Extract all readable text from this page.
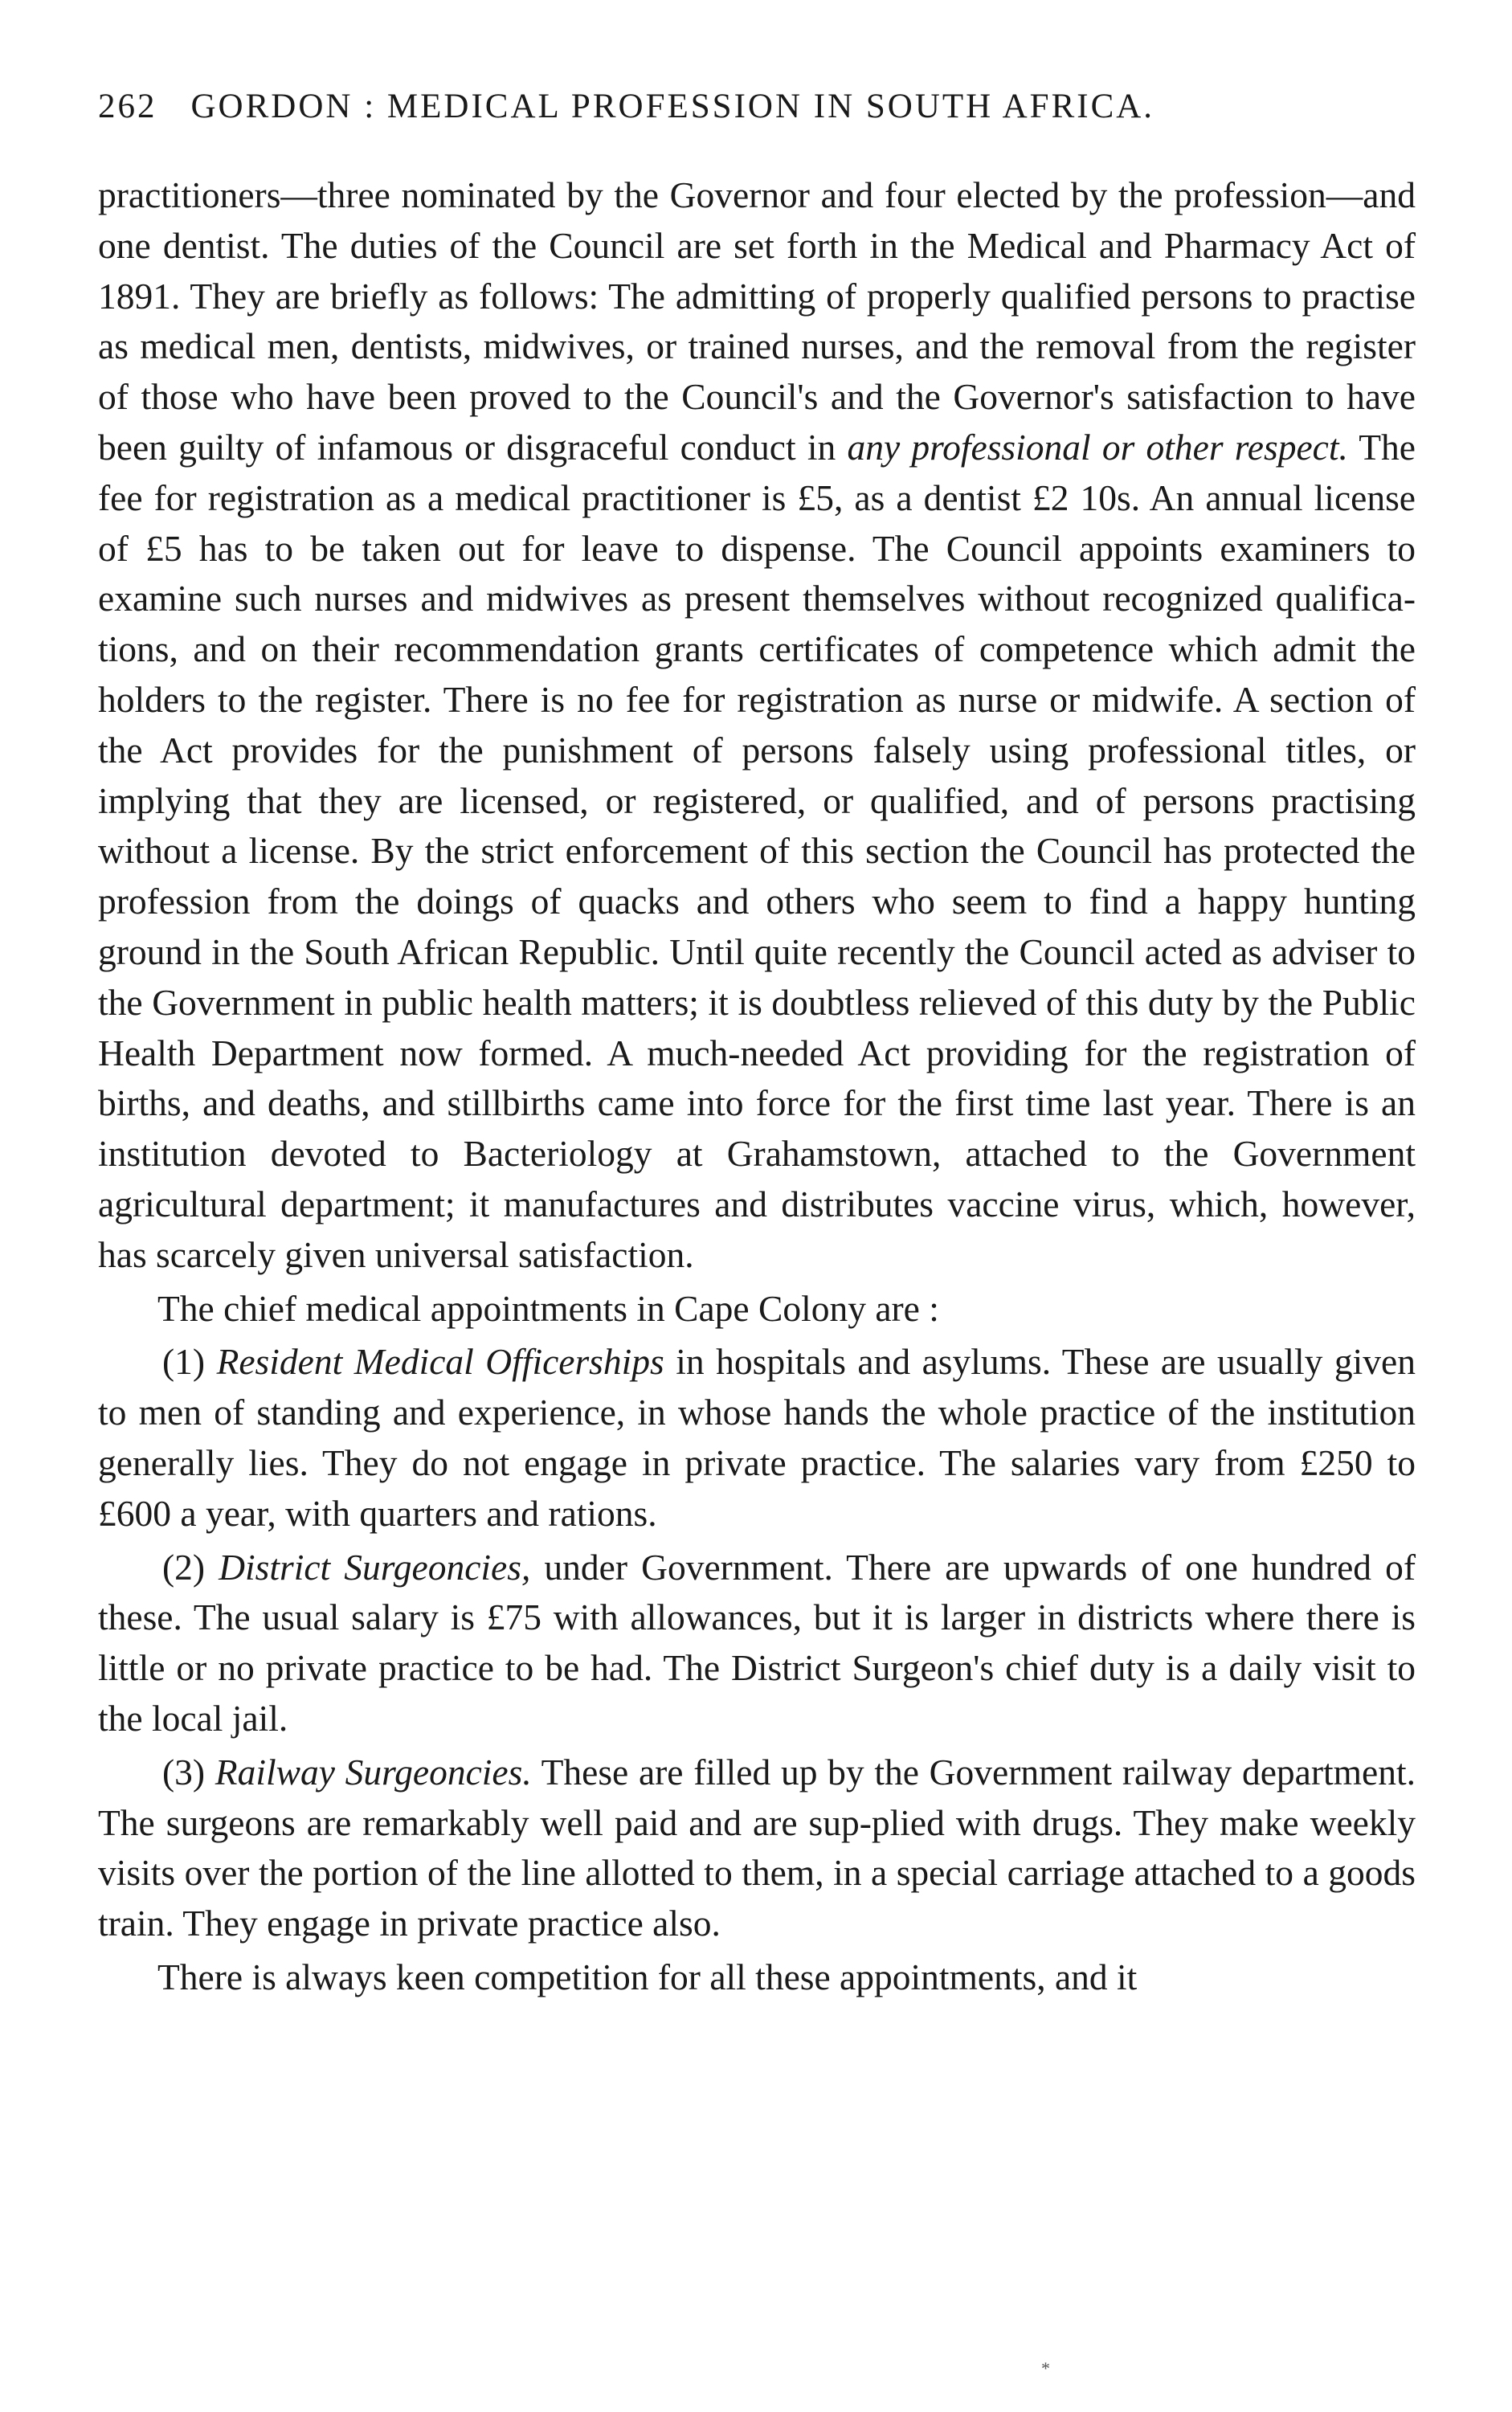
262 GORDON : MEDICAL PROFESSION IN SOUTH AFRICA.

practitioners—three nominated by the Governor and four elected by the profession—and one dentist. The duties of the Council are set forth in the Medical and Pharmacy Act of 1891. They are briefly as follows: The admitting of properly qualified persons to practise as medical men, dentists, midwives, or trained nurses, and the removal from the register of those who have been proved to the Council's and the Governor's satisfaction to have been guilty of infamous or disgraceful conduct in any professional or other respect. The fee for registration as a medical practitioner is £5, as a dentist £2 10s. An annual license of £5 has to be taken out for leave to dispense. The Council appoints examiners to examine such nurses and midwives as present themselves without recognized qualifica-tions, and on their recommendation grants certificates of competence which admit the holders to the register. There is no fee for registration as nurse or midwife. A section of the Act provides for the punishment of persons falsely using professional titles, or implying that they are licensed, or registered, or qualified, and of persons practising without a license. By the strict enforcement of this section the Council has protected the profession from the doings of quacks and others who seem to find a happy hunting ground in the South African Republic. Until quite recently the Council acted as adviser to the Government in public health matters; it is doubtless relieved of this duty by the Public Health Department now formed. A much-needed Act providing for the registration of births, and deaths, and stillbirths came into force for the first time last year. There is an institution devoted to Bacteriology at Grahamstown, attached to the Government agricultural department; it manufactures and distributes vaccine virus, which, however, has scarcely given universal satisfaction.

The chief medical appointments in Cape Colony are :

(1) Resident Medical Officerships in hospitals and asylums. These are usually given to men of standing and experience, in whose hands the whole practice of the institution generally lies. They do not engage in private practice. The salaries vary from £250 to £600 a year, with quarters and rations.

(2) District Surgeoncies, under Government. There are upwards of one hundred of these. The usual salary is £75 with allowances, but it is larger in districts where there is little or no private practice to be had. The District Surgeon's chief duty is a daily visit to the local jail.

(3) Railway Surgeoncies. These are filled up by the Government railway department. The surgeons are remarkably well paid and are sup-plied with drugs. They make weekly visits over the portion of the line allotted to them, in a special carriage attached to a goods train. They engage in private practice also.

There is always keen competition for all these appointments, and it

*
